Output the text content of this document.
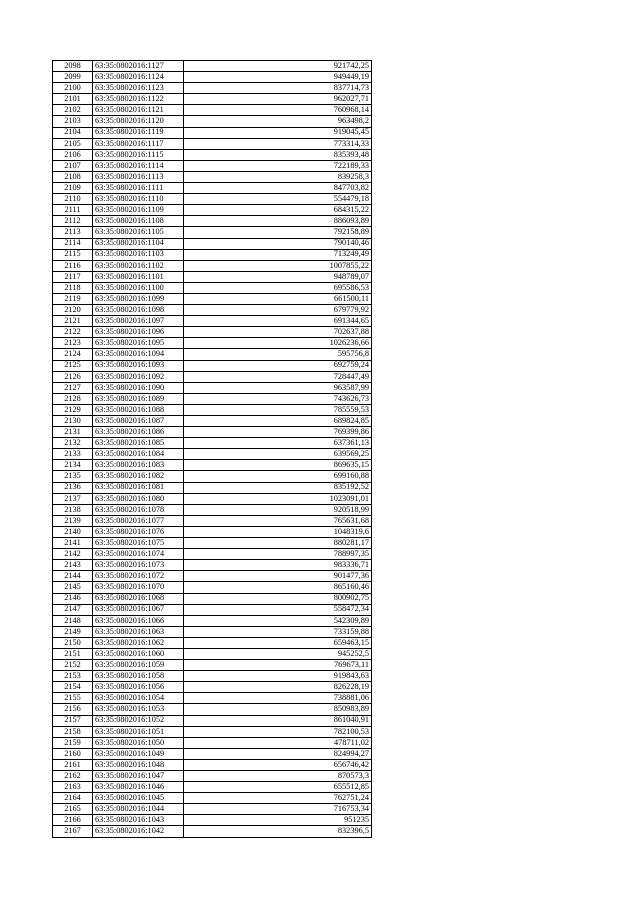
2098	63:35:0802016:1127	921742,25
2099	63:35:0802016:1124	949449,19
2100	63:35:0802016:1123	837714,73
2101	63:35:0802016:1122	962027,71
2102	63:35:0802016:1121	760968,14
2103	63:35:0802016:1120	963498,2
2104	63:35:0802016:1119	919045,45
2105	63:35:0802016:1117	773314,33
2106	63:35:0802016:1115	835393,48
2107	63:35:0802016:1114	722189,33
2108	63:35:0802016:1113	839258,3
2109	63:35:0802016:1111	847703,82
2110	63:35:0802016:1110	554479,18
2111	63:35:0802016:1109	684315,22
2112	63:35:0802016:1108	886093,89
2113	63:35:0802016:1105	792158,89
2114	63:35:0802016:1104	790140,46
2115	63:35:0802016:1103	713249,49
2116	63:35:0802016:1102	1007855,22
2117	63:35:0802016:1101	948789,07
2118	63:35:0802016:1100	695586,53
2119	63:35:0802016:1099	661500,11
2120	63:35:0802016:1098	679779,92
2121	63:35:0802016:1097	691344,65
2122	63:35:0802016:1096	702637,88
2123	63:35:0802016:1095	1026236,66
2124	63:35:0802016:1094	595756,8
2125	63:35:0802016:1093	692759,24
2126	63:35:0802016:1092	728447,49
2127	63:35:0802016:1090	963587,99
2128	63:35:0802016:1089	743626,73
2129	63:35:0802016:1088	785559,53
2130	63:35:0802016:1087	689824,85
2131	63:35:0802016:1086	769399,86
2132	63:35:0802016:1085	637361,13
2133	63:35:0802016:1084	639569,25
2134	63:35:0802016:1083	869635,15
2135	63:35:0802016:1082	699160,88
2136	63:35:0802016:1081	835192,52
2137	63:35:0802016:1080	1023091,01
2138	63:35:0802016:1078	920518,99
2139	63:35:0802016:1077	765631,68
2140	63:35:0802016:1076	1048319,6
2141	63:35:0802016:1075	880281,17
2142	63:35:0802016:1074	788997,35
2143	63:35:0802016:1073	983336,71
2144	63:35:0802016:1072	901477,36
2145	63:35:0802016:1070	865160,46
2146	63:35:0802016:1068	800902,75
2147	63:35:0802016:1067	558472,34
2148	63:35:0802016:1066	542309,89
2149	63:35:0802016:1063	733159,88
2150	63:35:0802016:1062	659463,15
2151	63:35:0802016:1060	945252,5
2152	63:35:0802016:1059	769673,11
2153	63:35:0802016:1058	919843,63
2154	63:35:0802016:1056	826228,19
2155	63:35:0802016:1054	738881,06
2156	63:35:0802016:1053	850983,89
2157	63:35:0802016:1052	861040,91
2158	63:35:0802016:1051	782100,53
2159	63:35:0802016:1050	478711,02
2160	63:35:0802016:1049	824994,27
2161	63:35:0802016:1048	656746,42
2162	63:35:0802016:1047	870573,3
2163	63:35:0802016:1046	655512,85
2164	63:35:0802016:1045	762751,24
2165	63:35:0802016:1044	716753,34
2166	63:35:0802016:1043	951235
2167	63:35:0802016:1042	832396,5
